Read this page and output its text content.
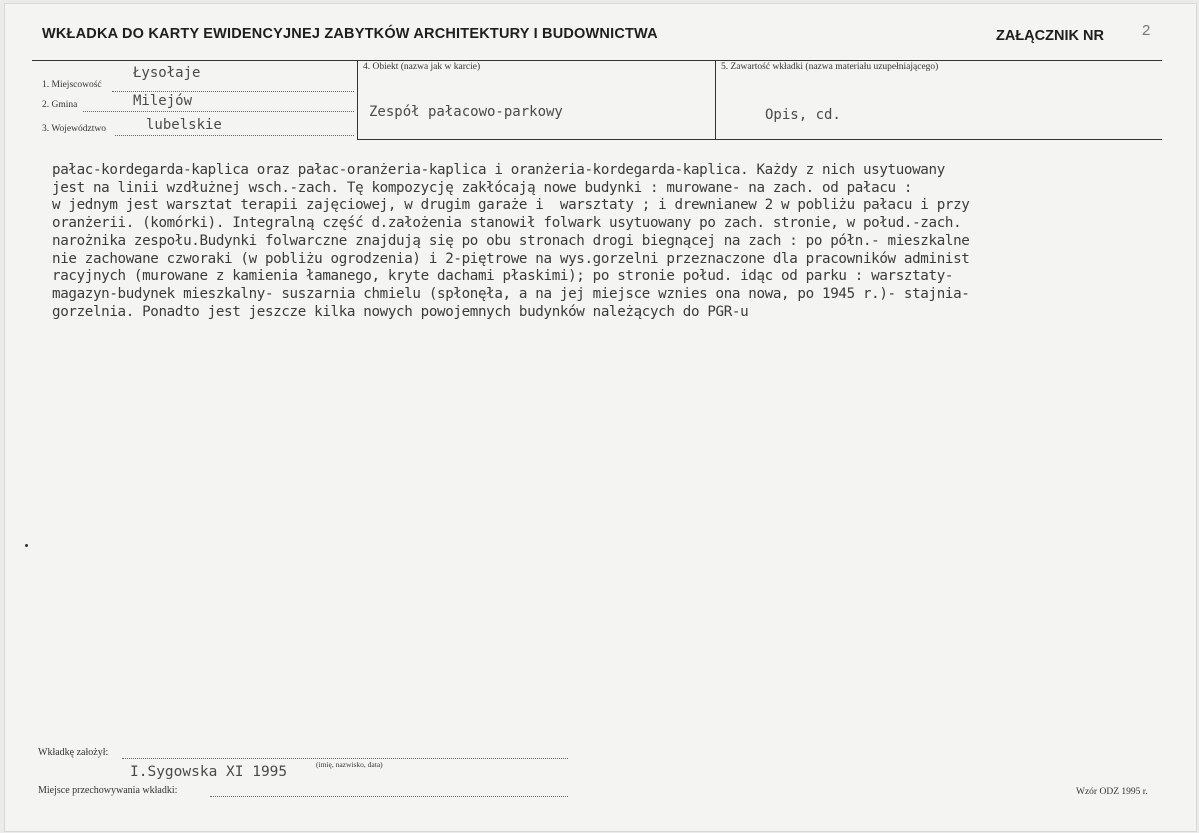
WKŁADKA DO KARTY EWIDENCYJNEJ ZABYTKÓW ARCHITEKTURY I BUDOWNICTWA	ZAŁĄCZNIK NR	2
1. Miejscowość
Łysołaje
2. Gmina	Milejów
3. Województwo	lubelskie
4. Obiekt (nazwa jak w karcie)
Zespół pałacowo-parkowy
5. Zawartość wkładki (nazwa materiału uzupełniającego)
Opis, cd.
pałac-kordegarda-kaplica oraz pałac-oranżeria-kaplica i oranżeria-kordegarda-kaplica. Każdy z nich usytuowany
jest na linii wzdłużnej wsch.-zach. Tę kompozycję zakłócają nowe budynki : murowane- na zach. od pałacu :
w jednym jest warsztat terapii zajęciowej, w drugim garaże i  warsztaty ; i drewnianew 2 w pobliżu pałacu i przy
oranżerii. (komórki). Integralną część d.założenia stanowił folwark usytuowany po zach. stronie, w połud.-zach.
narożnika zespołu.Budynki folwarczne znajdują się po obu stronach drogi biegnącej na zach : po półn.- mieszkalne
nie zachowane czworaki (w pobliżu ogrodzenia) i 2-piętrowe na wys.gorzelni przeznaczone dla pracowników administ
racyjnych (murowane z kamienia łamanego, kryte dachami płaskimi); po stronie połud. idąc od parku : warsztaty-
magazyn-budynek mieszkalny- suszarnia chmielu (spłonęła, a na jej miejsce wznies ona nowa, po 1945 r.)- stajnia-
gorzelnia. Ponadto jest jeszcze kilka nowych powojemnych budynków należących do PGR-u
Wkładkę założył:
I.Sygowska XI 1995	(imię, nazwisko, data)
Miejsce przechowywania wkładki:	Wzór ODZ 1995 r.
